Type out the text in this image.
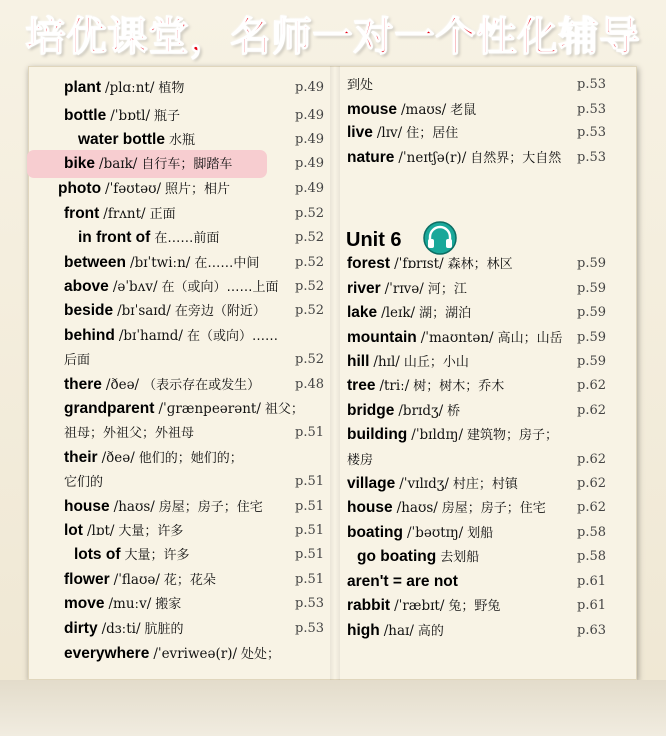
培优课堂，名师一对一个性化辅导
plant /plɑːnt/ 植物	p.49
bottle /ˈbɒtl/ 瓶子	p.49
water bottle 水瓶	p.49
bike /baɪk/ 自行车；脚踏车	p.49
photo /ˈfəʊtəʊ/ 照片；相片	p.49
front /frʌnt/ 正面	p.52
in front of 在……前面	p.52
between /bɪˈtwiːn/ 在……中间	p.52
above /əˈbʌv/ 在（或向）……上面	p.52
beside /bɪˈsaɪd/ 在旁边（附近）	p.52
behind /bɪˈhaɪnd/ 在（或向）……
后面	p.52
there /ðeə/ （表示存在或发生）	p.48
grandparent /ˈɡrænpeərənt/ 祖父；
祖母；外祖父；外祖母	p.51
their /ðeə/ 他们的；她们的；
它们的	p.51
house /haʊs/ 房屋；房子；住宅	p.51
lot /lɒt/ 大量；许多	p.51
lots of 大量；许多	p.51
flower /ˈflaʊə/ 花；花朵	p.51
move /muːv/ 搬家	p.53
dirty /dɜːti/ 肮脏的	p.53
everywhere /ˈevriweə(r)/ 处处；
到处	p.53
mouse /maʊs/ 老鼠	p.53
live /lɪv/ 住；居住	p.53
nature /ˈneɪtʃə(r)/ 自然界；大自然	p.53
forest /ˈfɒrɪst/ 森林；林区	p.59
river /ˈrɪvə/ 河；江	p.59
lake /leɪk/ 湖；湖泊	p.59
mountain /ˈmaʊntən/ 高山；山岳	p.59
hill /hɪl/ 山丘；小山	p.59
tree /triː/ 树；树木；乔木	p.62
bridge /brɪdʒ/ 桥	p.62
building /ˈbɪldɪŋ/ 建筑物；房子；
楼房	p.62
village /ˈvɪlɪdʒ/ 村庄；村镇	p.62
house /haʊs/ 房屋；房子；住宅	p.62
boating /ˈbəʊtɪŋ/ 划船	p.58
go boating 去划船	p.58
aren't = are not	p.61
rabbit /ˈræbɪt/ 兔；野兔	p.61
high /haɪ/ 高的	p.63
Unit 6
